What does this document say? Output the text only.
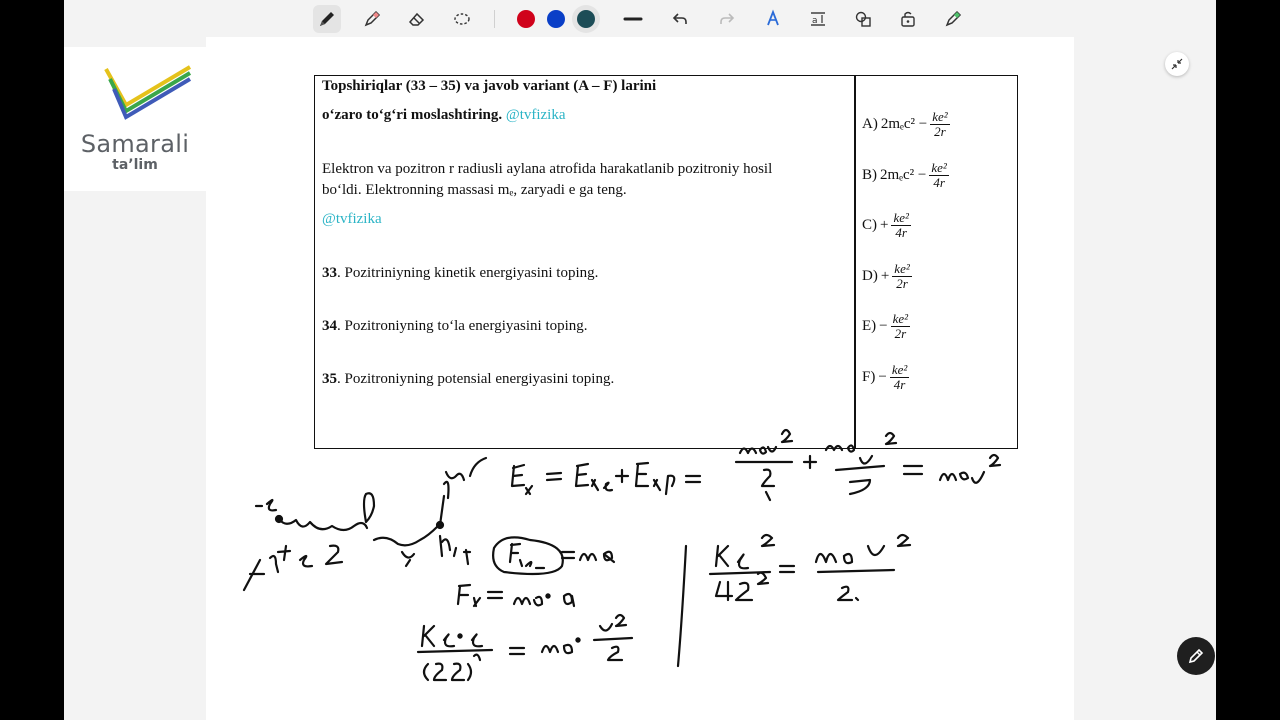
a
Samarali
ta’lim
Topshiriqlar (33 – 35) va javob variant (A – F) larini
o‘zaro to‘g‘ri moslashtiring. @tvfizika
Elektron va pozitron r radiusli aylana atrofida harakatlanib pozitroniy hosil
bo‘ldi. Elektronning massasi mₑ, zaryadi e ga teng.
@tvfizika
33. Pozitriniyning kinetik energiyasini toping.
34. Pozitroniyning to‘la energiyasini toping.
35. Pozitroniyning potensial energiyasini toping.
A) $2m_ec^2 - \frac{\text{ke²}}{2r}$
B) $2m_ec^2 - \frac{\text{ke²}}{4r}$
$C) + \frac{\text{ke²}}{4r}$
$D) + \frac{\text{ke²}}{2r}$
$E) - \frac{\text{ke²}}{2r}$
$F) - \frac{\text{ke²}}{4r}$
